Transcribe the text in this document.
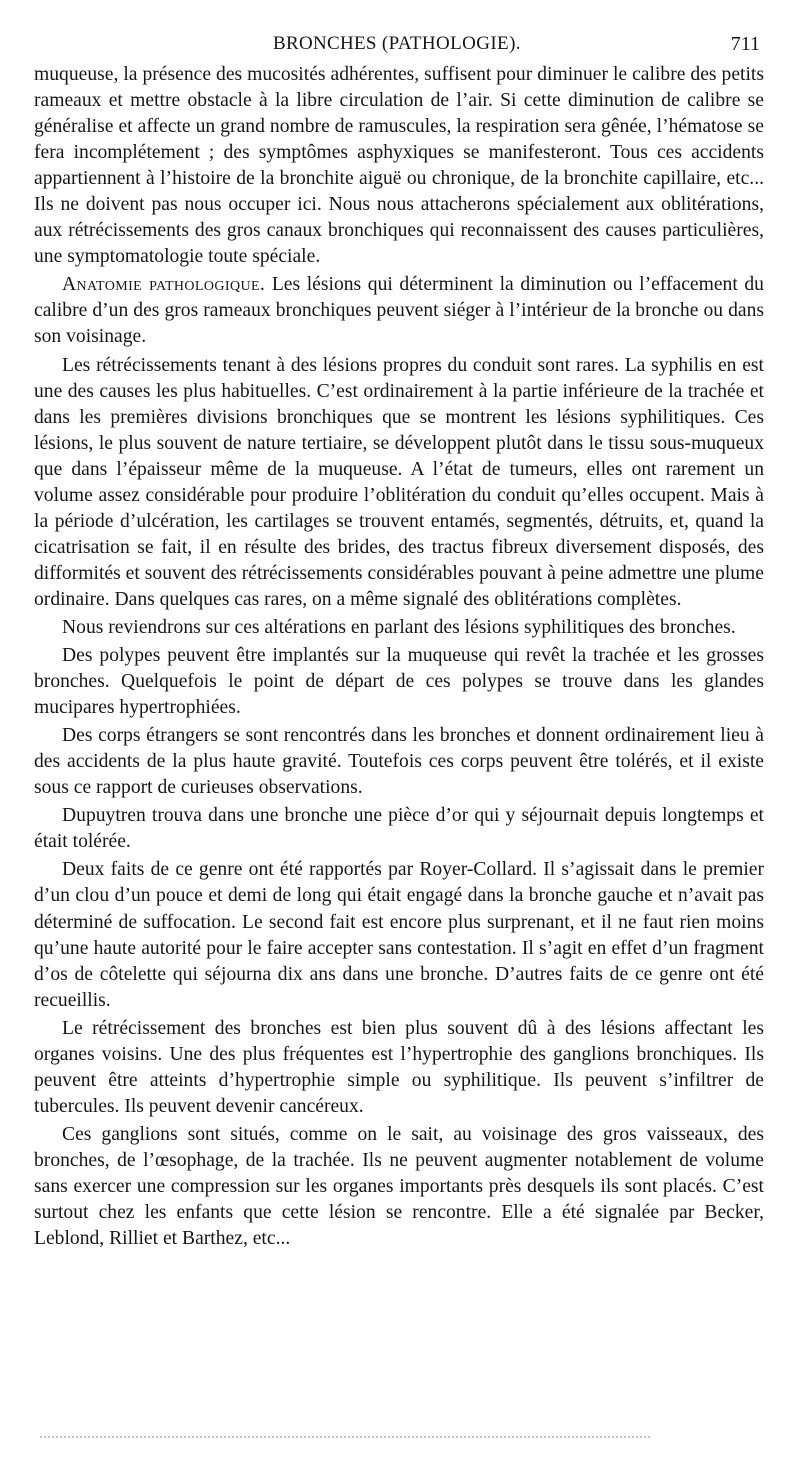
BRONCHES (PATHOLOGIE).	711

muqueuse, la présence des mucosités adhérentes, suffisent pour diminuer le calibre des petits rameaux et mettre obstacle à la libre circulation de l’air. Si cette diminution de calibre se généralise et affecte un grand nombre de ramuscules, la respiration sera gênée, l’hématose se fera incomplétement ; des symptômes asphyxiques se manifesteront. Tous ces accidents appartiennent à l’histoire de la bronchite aiguë ou chronique, de la bronchite capillaire, etc... Ils ne doivent pas nous occuper ici. Nous nous attacherons spécialement aux oblitérations, aux rétrécissements des gros canaux bronchiques qui reconnaissent des causes particulières, une symptomatologie toute spéciale.

Anatomie pathologique. Les lésions qui déterminent la diminution ou l’effacement du calibre d’un des gros rameaux bronchiques peuvent siéger à l’intérieur de la bronche ou dans son voisinage.

Les rétrécissements tenant à des lésions propres du conduit sont rares. La syphilis en est une des causes les plus habituelles. C’est ordinairement à la partie inférieure de la trachée et dans les premières divisions bronchiques que se montrent les lésions syphilitiques. Ces lésions, le plus souvent de nature tertiaire, se développent plutôt dans le tissu sous-muqueux que dans l’épaisseur même de la muqueuse. A l’état de tumeurs, elles ont rarement un volume assez considérable pour produire l’oblitération du conduit qu’elles occupent. Mais à la période d’ulcération, les cartilages se trouvent entamés, segmentés, détruits, et, quand la cicatrisation se fait, il en résulte des brides, des tractus fibreux diversement disposés, des difformités et souvent des rétrécissements considérables pouvant à peine admettre une plume ordinaire. Dans quelques cas rares, on a même signalé des oblitérations complètes.

Nous reviendrons sur ces altérations en parlant des lésions syphilitiques des bronches.

Des polypes peuvent être implantés sur la muqueuse qui revêt la trachée et les grosses bronches. Quelquefois le point de départ de ces polypes se trouve dans les glandes mucipares hypertrophiées.

Des corps étrangers se sont rencontrés dans les bronches et donnent ordinairement lieu à des accidents de la plus haute gravité. Toutefois ces corps peuvent être tolérés, et il existe sous ce rapport de curieuses observations.

Dupuytren trouva dans une bronche une pièce d’or qui y séjournait depuis longtemps et était tolérée.

Deux faits de ce genre ont été rapportés par Royer-Collard. Il s’agissait dans le premier d’un clou d’un pouce et demi de long qui était engagé dans la bronche gauche et n’avait pas déterminé de suffocation. Le second fait est encore plus surprenant, et il ne faut rien moins qu’une haute autorité pour le faire accepter sans contestation. Il s’agit en effet d’un fragment d’os de côtelette qui séjourna dix ans dans une bronche. D’autres faits de ce genre ont été recueillis.

Le rétrécissement des bronches est bien plus souvent dû à des lésions affectant les organes voisins. Une des plus fréquentes est l’hypertrophie des ganglions bronchiques. Ils peuvent être atteints d’hypertrophie simple ou syphilitique. Ils peuvent s’infiltrer de tubercules. Ils peuvent devenir cancéreux.

Ces ganglions sont situés, comme on le sait, au voisinage des gros vaisseaux, des bronches, de l’œsophage, de la trachée. Ils ne peuvent augmenter notablement de volume sans exercer une compression sur les organes importants près desquels ils sont placés. C’est surtout chez les enfants que cette lésion se rencontre. Elle a été signalée par Becker, Leblond, Rilliet et Barthez, etc...
